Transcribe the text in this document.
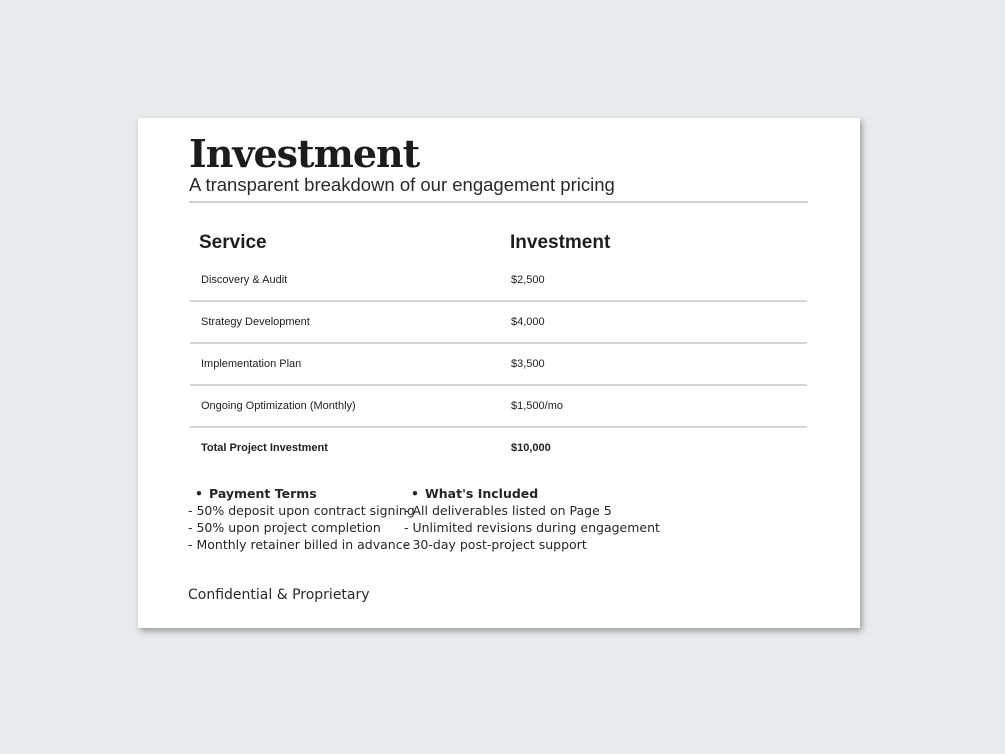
Investment
A transparent breakdown of our engagement pricing
Service	Investment
Discovery & Audit	$2,500
Strategy Development	$4,000
Implementation Plan	$3,500
Ongoing Optimization (Monthly)	$1,500/mo
Total Project Investment	$10,000
• Payment Terms
- 50% deposit upon contract signing
- 50% upon project completion
- Monthly retainer billed in advance
• What's Included
- All deliverables listed on Page 5
- Unlimited revisions during engagement
- 30-day post-project support
Confidential & Proprietary
